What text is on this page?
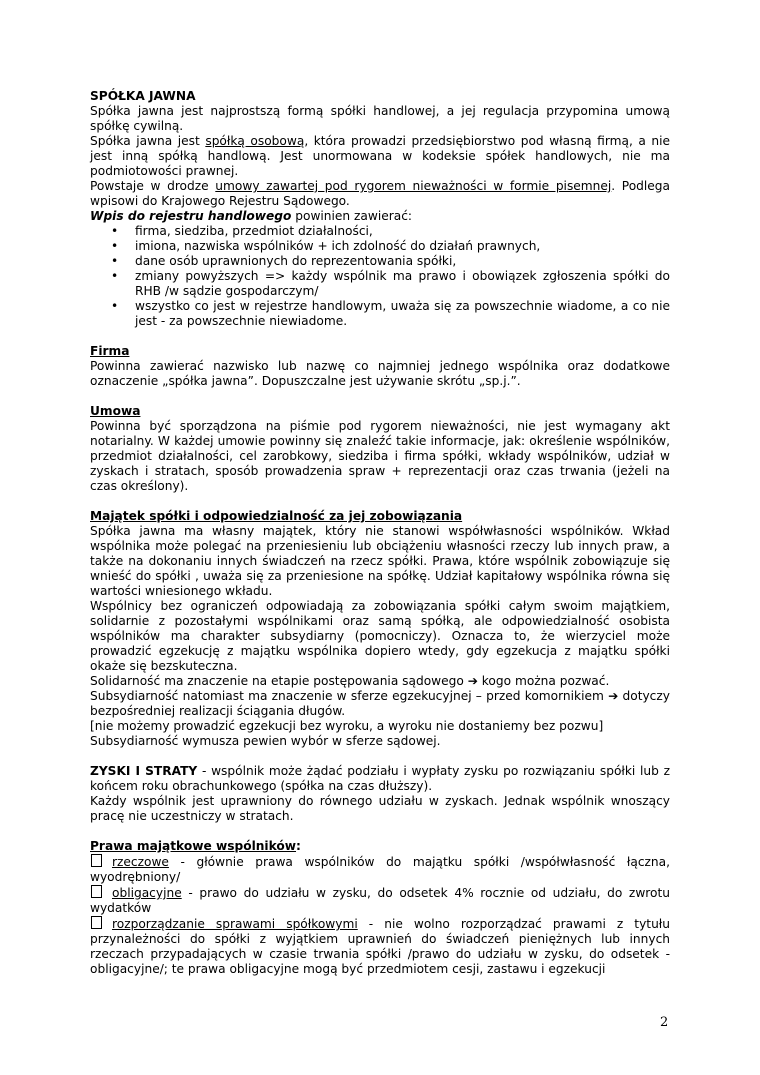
SPÓŁKA JAWNA

Spółka jawna jest najprostszą formą spółki handlowej, a jej regulacja przypomina umową spółkę cywilną.

Spółka jawna jest spółką osobową, która prowadzi przedsiębiorstwo pod własną firmą, a nie jest inną spółką handlową. Jest unormowana w kodeksie spółek handlowych, nie ma podmiotowości prawnej.

Powstaje w drodze umowy zawartej pod rygorem nieważności w formie pisemnej. Podlega wpisowi do Krajowego Rejestru Sądowego.

Wpis do rejestru handlowego powinien zawierać:

• firma, siedziba, przedmiot działalności,
• imiona, nazwiska wspólników + ich zdolność do działań prawnych,
• dane osób uprawnionych do reprezentowania spółki,
• zmiany powyższych => każdy wspólnik ma prawo i obowiązek zgłoszenia spółki do RHB /w sądzie gospodarczym/
• wszystko co jest w rejestrze handlowym, uważa się za powszechnie wiadome, a co nie jest - za powszechnie niewiadome.

Firma

Powinna zawierać nazwisko lub nazwę co najmniej jednego wspólnika oraz dodatkowe oznaczenie „spółka jawna”. Dopuszczalne jest używanie skrótu „sp.j.”.

Umowa

Powinna być sporządzona na piśmie pod rygorem nieważności, nie jest wymagany akt notarialny. W każdej umowie powinny się znaleźć takie informacje, jak: określenie wspólników, przedmiot działalności, cel zarobkowy, siedziba i firma spółki, wkłady wspólników, udział w zyskach i stratach, sposób prowadzenia spraw + reprezentacji oraz czas trwania (jeżeli na czas określony).

Majątek spółki i odpowiedzialność za jej zobowiązania

Spółka jawna ma własny majątek, który nie stanowi współwłasności wspólników. Wkład wspólnika może polegać na przeniesieniu lub obciążeniu własności rzeczy lub innych praw, a także na dokonaniu innych świadczeń na rzecz spółki. Prawa, które wspólnik zobowiązuje się wnieść do spółki , uważa się za przeniesione na spółkę. Udział kapitałowy wspólnika równa się wartości wniesionego wkładu.

Wspólnicy bez ograniczeń odpowiadają za zobowiązania spółki całym swoim majątkiem, solidarnie z pozostałymi wspólnikami oraz samą spółką, ale odpowiedzialność osobista wspólników ma charakter subsydiarny (pomocniczy). Oznacza to, że wierzyciel może prowadzić egzekucję z majątku wspólnika dopiero wtedy, gdy egzekucja z majątku spółki okaże się bezskuteczna.

Solidarność ma znaczenie na etapie postępowania sądowego ➔ kogo można pozwać.

Subsydiarność natomiast ma znaczenie w sferze egzekucyjnej – przed komornikiem ➔ dotyczy bezpośredniej realizacji ściągania długów.

[nie możemy prowadzić egzekucji bez wyroku, a wyroku nie dostaniemy bez pozwu]

Subsydiarność wymusza pewien wybór w sferze sądowej.

ZYSKI I STRATY - wspólnik może żądać podziału i wypłaty zysku po rozwiązaniu spółki lub z końcem roku obrachunkowego (spółka na czas dłuższy).

Każdy wspólnik jest uprawniony do równego udziału w zyskach. Jednak wspólnik wnoszący pracę nie uczestniczy w stratach.

Prawa majątkowe wspólników:

rzeczowe - głównie prawa wspólników do majątku spółki /współwłasność łączna, wyodrębniony/

obligacyjne - prawo do udziału w zysku, do odsetek 4% rocznie od udziału, do zwrotu wydatków

rozporządzanie sprawami spółkowymi - nie wolno rozporządzać prawami z tytułu przynależności do spółki z wyjątkiem uprawnień do świadczeń pieniężnych lub innych rzeczach przypadających w czasie trwania spółki /prawo do udziału w zysku, do odsetek - obligacyjne/; te prawa obligacyjne mogą być przedmiotem cesji, zastawu i egzekucji

2
